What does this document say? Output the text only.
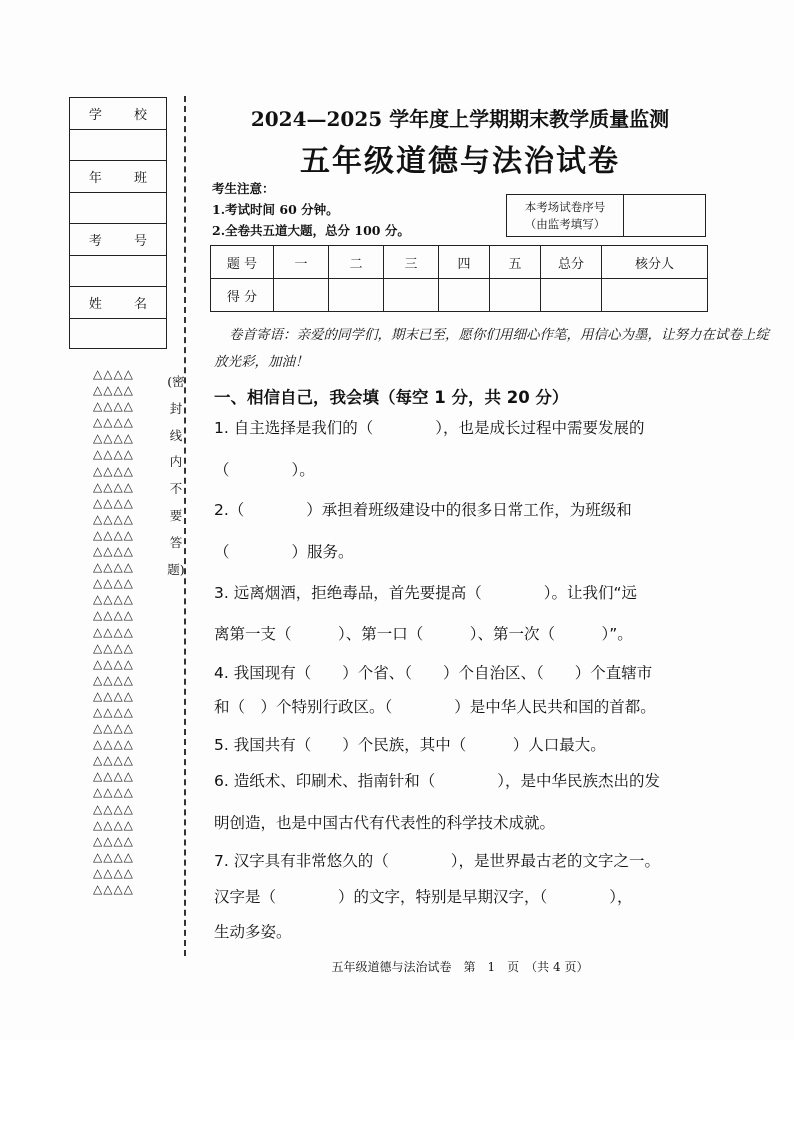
学 校
年 班
考 号
姓 名
△△△△
△△△△
△△△△
△△△△
△△△△
△△△△
△△△△
△△△△
△△△△
△△△△
△△△△
△△△△
△△△△
△△△△
△△△△
△△△△
△△△△
△△△△
△△△△
△△△△
△△△△
△△△△
△△△△
△△△△
△△△△
△△△△
△△△△
△△△△
△△△△
△△△△
△△△△
△△△△
△△△△
(密
封
线
内
不
要
答
题)
2024—2025 学年度上学期期末教学质量监测
五年级道德与法治试卷
考生注意：
1.考试时间 60 分钟。
2.全卷共五道大题，总分 100 分。
本考场试卷序号
（由监考填写）
题 号	一	二	三	四	五	总分	核分人
得 分							
卷首寄语：亲爱的同学们，期末已至，愿你们用细心作笔，用信心为墨，让努力在试卷上绽放光彩，加油！
一、相信自己，我会填（每空 1 分，共 20 分）
1. 自主选择是我们的（　　　　），也是成长过程中需要发展的
（　　　　）。
2.（　　　　）承担着班级建设中的很多日常工作，为班级和
（　　　　）服务。
3. 远离烟酒，拒绝毒品，首先要提高（　　　　）。让我们“远
离第一支（　　　）、第一口（　　　）、第一次（　　　）”。
4. 我国现有（　　）个省、（　　）个自治区、（　　）个直辖市
和（　）个特别行政区。（　　　　）是中华人民共和国的首都。
5. 我国共有（　　）个民族，其中（　　　）人口最大。
6. 造纸术、印刷术、指南针和（　　　　），是中华民族杰出的发
明创造，也是中国古代有代表性的科学技术成就。
7. 汉字具有非常悠久的（　　　　），是世界最古老的文字之一。
汉字是（　　　　）的文字，特别是早期汉字，（　　　　），
生动多姿。
五年级道德与法治试卷　第　1　页　（共 4 页）
